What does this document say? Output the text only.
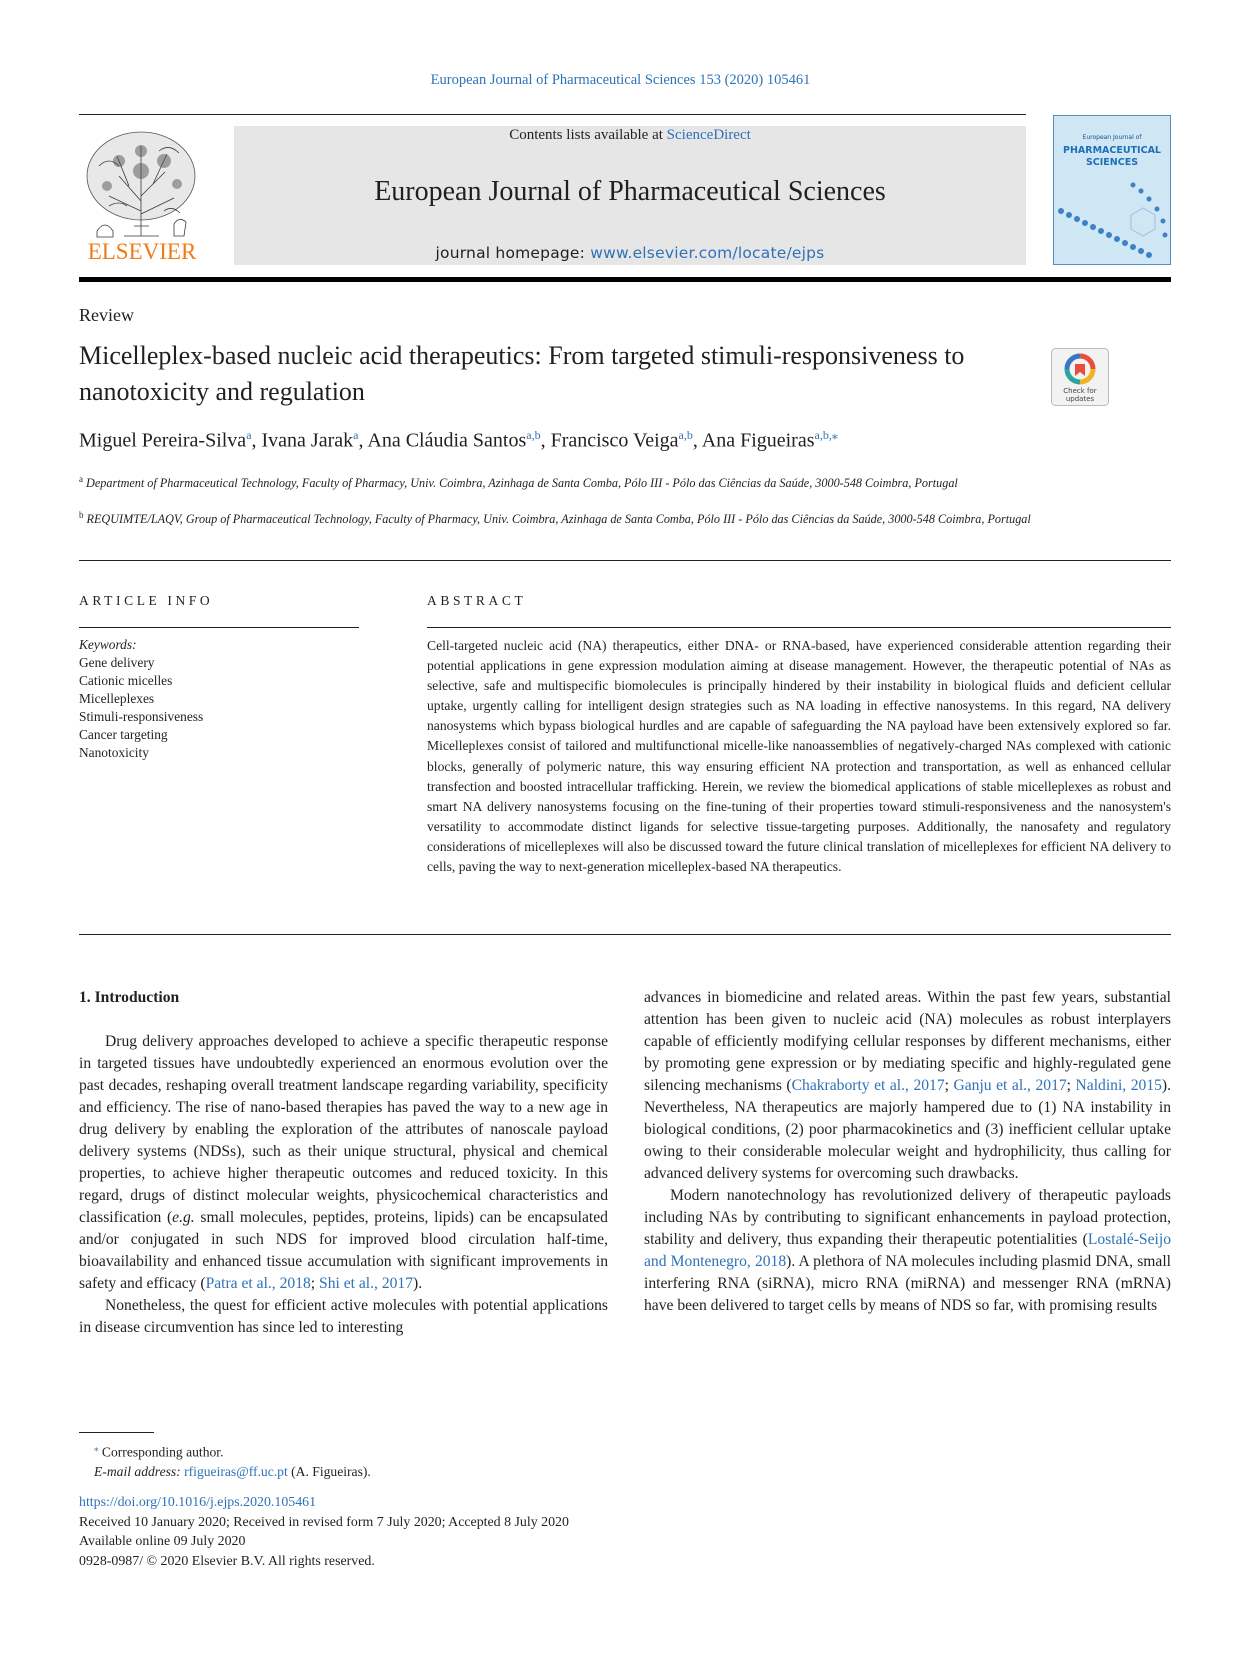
European Journal of Pharmaceutical Sciences 153 (2020) 105461
ELSEVIER
Contents lists available at ScienceDirect
European Journal of Pharmaceutical Sciences
journal homepage: www.elsevier.com/locate/ejps
European Journal of
PHARMACEUTICAL
SCIENCES
Review
Micelleplex-based nucleic acid therapeutics: From targeted stimuli-responsiveness to nanotoxicity and regulation	Check for
updates
Miguel Pereira-Silva$^a$, Ivana Jarak$^a$, Ana Cláudia Santos$^{a,b}$, Francisco Veiga$^{a,b}$, Ana Figueiras$^{a,b,⁎}$
$^a$ Department of Pharmaceutical Technology, Faculty of Pharmacy, Univ. Coimbra, Azinhaga de Santa Comba, Pólo III - Pólo das Ciências da Saúde, 3000-548 Coimbra, Portugal
$^b$ REQUIMTE/LAQV, Group of Pharmaceutical Technology, Faculty of Pharmacy, Univ. Coimbra, Azinhaga de Santa Comba, Pólo III - Pólo das Ciências da Saúde, 3000-548 Coimbra, Portugal
ARTICLE INFO	ABSTRACT
Keywords:
Gene delivery
Cationic micelles
Micelleplexes
Stimuli-responsiveness
Cancer targeting
Nanotoxicity
Cell-targeted nucleic acid (NA) therapeutics, either DNA- or RNA-based, have experienced considerable attention regarding their potential applications in gene expression modulation aiming at disease management. However, the therapeutic potential of NAs as selective, safe and multispecific biomolecules is principally hindered by their instability in biological fluids and deficient cellular uptake, urgently calling for intelligent design strategies such as NA loading in effective nanosystems. In this regard, NA delivery nanosystems which bypass biological hurdles and are capable of safeguarding the NA payload have been extensively explored so far. Micelleplexes consist of tailored and multifunctional micelle-like nanoassemblies of negatively-charged NAs complexed with cationic blocks, generally of polymeric nature, this way ensuring efficient NA protection and transportation, as well as enhanced cellular transfection and boosted intracellular trafficking. Herein, we review the biomedical applications of stable micelleplexes as robust and smart NA delivery nanosystems focusing on the fine-tuning of their properties toward stimuli-responsiveness and the nanosystem's versatility to accommodate distinct ligands for selective tissue-targeting purposes. Additionally, the nanosafety and regulatory considerations of micelleplexes will also be discussed toward the future clinical translation of micelleplexes for efficient NA delivery to cells, paving the way to next-generation micelleplex-based NA therapeutics.
1. Introduction

Drug delivery approaches developed to achieve a specific therapeutic response in targeted tissues have undoubtedly experienced an enormous evolution over the past decades, reshaping overall treatment landscape regarding variability, specificity and efficiency. The rise of nano-based therapies has paved the way to a new age in drug delivery by enabling the exploration of the attributes of nanoscale payload delivery systems (NDSs), such as their unique structural, physical and chemical properties, to achieve higher therapeutic outcomes and reduced toxicity. In this regard, drugs of distinct molecular weights, physicochemical characteristics and classification (e.g. small molecules, peptides, proteins, lipids) can be encapsulated and/or conjugated in such NDS for improved blood circulation half-time, bioavailability and enhanced tissue accumulation with significant improvements in safety and efficacy (Patra et al., 2018; Shi et al., 2017).

Nonetheless, the quest for efficient active molecules with potential applications in disease circumvention has since led to interesting

advances in biomedicine and related areas. Within the past few years, substantial attention has been given to nucleic acid (NA) molecules as robust interplayers capable of efficiently modifying cellular responses by different mechanisms, either by promoting gene expression or by mediating specific and highly-regulated gene silencing mechanisms (Chakraborty et al., 2017; Ganju et al., 2017; Naldini, 2015). Nevertheless, NA therapeutics are majorly hampered due to (1) NA instability in biological conditions, (2) poor pharmacokinetics and (3) inefficient cellular uptake owing to their considerable molecular weight and hydrophilicity, thus calling for advanced delivery systems for overcoming such drawbacks.

Modern nanotechnology has revolutionized delivery of therapeutic payloads including NAs by contributing to significant enhancements in payload protection, stability and delivery, thus expanding their therapeutic potentialities (Lostalé-Seijo and Montenegro, 2018). A plethora of NA molecules including plasmid DNA, small interfering RNA (siRNA), micro RNA (miRNA) and messenger RNA (mRNA) have been delivered to target cells by means of NDS so far, with promising results

⁎ Corresponding author.
E-mail address: rfigueiras@ff.uc.pt (A. Figueiras).
https://doi.org/10.1016/j.ejps.2020.105461
Received 10 January 2020; Received in revised form 7 July 2020; Accepted 8 July 2020
Available online 09 July 2020
0928-0987/ © 2020 Elsevier B.V. All rights reserved.
